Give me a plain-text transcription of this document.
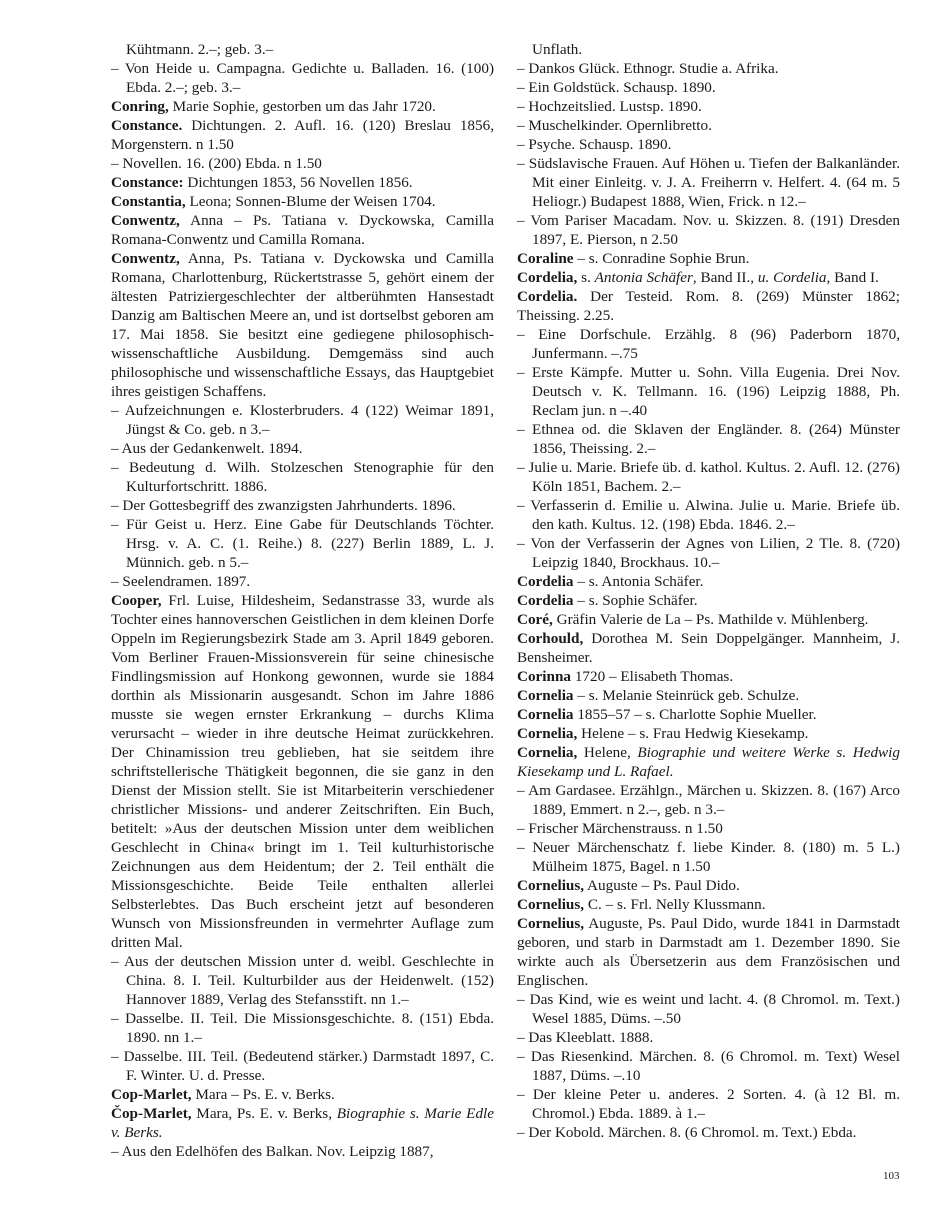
Kühtmann. 2.–; geb. 3.–

– Von Heide u. Campagna. Gedichte u. Balladen. 16. (100) Ebda. 2.–; geb. 3.–

Conring, Marie Sophie, gestorben um das Jahr 1720.

Constance. Dichtungen. 2. Aufl. 16. (120) Breslau 1856, Morgenstern. n 1.50

– Novellen. 16. (200) Ebda. n 1.50

Constance: Dichtungen 1853, 56 Novellen 1856.

Constantia, Leona; Sonnen-Blume der Weisen 1704.

Conwentz, Anna – Ps. Tatiana v. Dyckowska, Camilla Romana-Conwentz und Camilla Romana.

Conwentz, Anna, Ps. Tatiana v. Dyckowska und Camilla Romana, Charlottenburg, Rückertstrasse 5, gehört einem der ältesten Patriziergeschlechter der altberühmten Hansestadt Danzig am Baltischen Meere an, und ist dortselbst geboren am 17. Mai 1858. Sie besitzt eine gediegene philosophisch-wissenschaftliche Ausbildung. Demgemäss sind auch philosophische und wissenschaftliche Essays, das Hauptgebiet ihres geistigen Schaffens.

– Aufzeichnungen e. Klosterbruders. 4 (122) Weimar 1891, Jüngst & Co. geb. n 3.–

– Aus der Gedankenwelt. 1894.

– Bedeutung d. Wilh. Stolzeschen Stenographie für den Kulturfortschritt. 1886.

– Der Gottesbegriff des zwanzigsten Jahrhunderts. 1896.

– Für Geist u. Herz. Eine Gabe für Deutschlands Töchter. Hrsg. v. A. C. (1. Reihe.) 8. (227) Berlin 1889, L. J. Münnich. geb. n 5.–

– Seelendramen. 1897.

Cooper, Frl. Luise, Hildesheim, Sedanstrasse 33, wurde als Tochter eines hannoverschen Geistlichen in dem kleinen Dorfe Oppeln im Regierungsbezirk Stade am 3. April 1849 geboren. Vom Berliner Frauen-Missionsverein für seine chinesische Findlingsmission auf Honkong gewonnen, wurde sie 1884 dorthin als Missionarin ausgesandt. Schon im Jahre 1886 musste sie wegen ernster Erkrankung – durchs Klima verursacht – wieder in ihre deutsche Heimat zurückkehren. Der Chinamission treu geblieben, hat sie seitdem ihre schriftstellerische Thätigkeit begonnen, die sie ganz in den Dienst der Mission stellt. Sie ist Mitarbeiterin verschiedener christlicher Missions- und anderer Zeitschriften. Ein Buch, betitelt: »Aus der deutschen Mission unter dem weiblichen Geschlecht in China« bringt im 1. Teil kulturhistorische Zeichnungen aus dem Heidentum; der 2. Teil enthält die Missionsgeschichte. Beide Teile enthalten allerlei Selbsterlebtes. Das Buch erscheint jetzt auf besonderen Wunsch von Missionsfreunden in vermehrter Auflage zum dritten Mal.

– Aus der deutschen Mission unter d. weibl. Geschlechte in China. 8. I. Teil. Kulturbilder aus der Heidenwelt. (152) Hannover 1889, Verlag des Stefansstift. nn 1.–

– Dasselbe. II. Teil. Die Missionsgeschichte. 8. (151) Ebda. 1890. nn 1.–

– Dasselbe. III. Teil. (Bedeutend stärker.) Darmstadt 1897, C. F. Winter. U. d. Presse.

Cop-Marlet, Mara – Ps. E. v. Berks.

Čop-Marlet, Mara, Ps. E. v. Berks, Biographie s. Marie Edle v. Berks.

– Aus den Edelhöfen des Balkan. Nov. Leipzig 1887,

Unflath.

– Dankos Glück. Ethnogr. Studie a. Afrika.

– Ein Goldstück. Schausp. 1890.

– Hochzeitslied. Lustsp. 1890.

– Muschelkinder. Opernlibretto.

– Psyche. Schausp. 1890.

– Südslavische Frauen. Auf Höhen u. Tiefen der Balkanländer. Mit einer Einleitg. v. J. A. Freiherrn v. Helfert. 4. (64 m. 5 Heliogr.) Budapest 1888, Wien, Frick. n 12.–

– Vom Pariser Macadam. Nov. u. Skizzen. 8. (191) Dresden 1897, E. Pierson, n 2.50

Coraline – s. Conradine Sophie Brun.

Cordelia, s. Antonia Schäfer, Band II., u. Cordelia, Band I.

Cordelia. Der Testeid. Rom. 8. (269) Münster 1862; Theissing. 2.25.

– Eine Dorfschule. Erzählg. 8 (96) Paderborn 1870, Junfermann. –.75

– Erste Kämpfe. Mutter u. Sohn. Villa Eugenia. Drei Nov. Deutsch v. K. Tellmann. 16. (196) Leipzig 1888, Ph. Reclam jun. n –.40

– Ethnea od. die Sklaven der Engländer. 8. (264) Münster 1856, Theissing. 2.–

– Julie u. Marie. Briefe üb. d. kathol. Kultus. 2. Aufl. 12. (276) Köln 1851, Bachem. 2.–

– Verfasserin d. Emilie u. Alwina. Julie u. Marie. Briefe üb. den kath. Kultus. 12. (198) Ebda. 1846. 2.–

– Von der Verfasserin der Agnes von Lilien, 2 Tle. 8. (720) Leipzig 1840, Brockhaus. 10.–

Cordelia – s. Antonia Schäfer.

Cordelia – s. Sophie Schäfer.

Coré, Gräfin Valerie de La – Ps. Mathilde v. Mühlenberg.

Corhould, Dorothea M. Sein Doppelgänger. Mannheim, J. Bensheimer.

Corinna 1720 – Elisabeth Thomas.

Cornelia – s. Melanie Steinrück geb. Schulze.

Cornelia 1855–57 – s. Charlotte Sophie Mueller.

Cornelia, Helene – s. Frau Hedwig Kiesekamp.

Cornelia, Helene, Biographie und weitere Werke s. Hedwig Kiesekamp und L. Rafael.

– Am Gardasee. Erzählgn., Märchen u. Skizzen. 8. (167) Arco 1889, Emmert. n 2.–, geb. n 3.–

– Frischer Märchenstrauss. n 1.50

– Neuer Märchenschatz f. liebe Kinder. 8. (180) m. 5 L.) Mülheim 1875, Bagel. n 1.50

Cornelius, Auguste – Ps. Paul Dido.

Cornelius, C. – s. Frl. Nelly Klussmann.

Cornelius, Auguste, Ps. Paul Dido, wurde 1841 in Darmstadt geboren, und starb in Darmstadt am 1. Dezember 1890. Sie wirkte auch als Übersetzerin aus dem Französischen und Englischen.

– Das Kind, wie es weint und lacht. 4. (8 Chromol. m. Text.) Wesel 1885, Düms. –.50

– Das Kleeblatt. 1888.

– Das Riesenkind. Märchen. 8. (6 Chromol. m. Text) Wesel 1887, Düms. –.10

– Der kleine Peter u. anderes. 2 Sorten. 4. (à 12 Bl. m. Chromol.) Ebda. 1889. à 1.–

– Der Kobold. Märchen. 8. (6 Chromol. m. Text.) Ebda.

103
